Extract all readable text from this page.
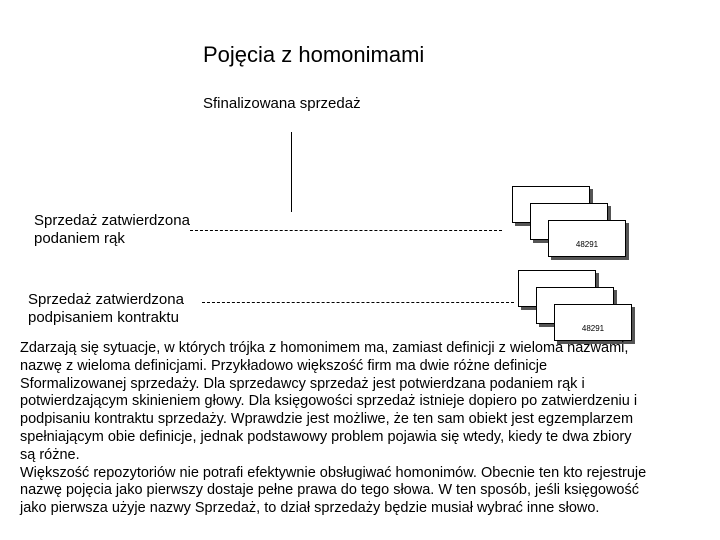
Pojęcia z homonimami
Sfinalizowana sprzedaż
Sprzedaż zatwierdzona
podaniem rąk	48291
Sprzedaż zatwierdzona
podpisaniem kontraktu
48291

Zdarzają się sytuacje, w których trójka z homonimem ma, zamiast definicji z wieloma nazwami,

nazwę z wieloma definicjami. Przykładowo większość firm ma dwie różne definicje

Sformalizowanej sprzedaży. Dla sprzedawcy sprzedaż jest potwierdzana podaniem rąk i

potwierdzającym skinieniem głowy. Dla księgowości sprzedaż istnieje dopiero po zatwierdzeniu i

podpisaniu kontraktu sprzedaży. Wprawdzie jest możliwe, że ten sam obiekt jest egzemplarzem

spełniającym obie definicje, jednak podstawowy problem pojawia się wtedy, kiedy te dwa zbiory

są różne.

Większość repozytoriów nie potrafi efektywnie obsługiwać homonimów. Obecnie ten kto rejestruje

nazwę pojęcia jako pierwszy dostaje pełne prawa do tego słowa. W ten sposób, jeśli księgowość

jako pierwsza użyje nazwy Sprzedaż, to dział sprzedaży będzie musiał wybrać inne słowo.
